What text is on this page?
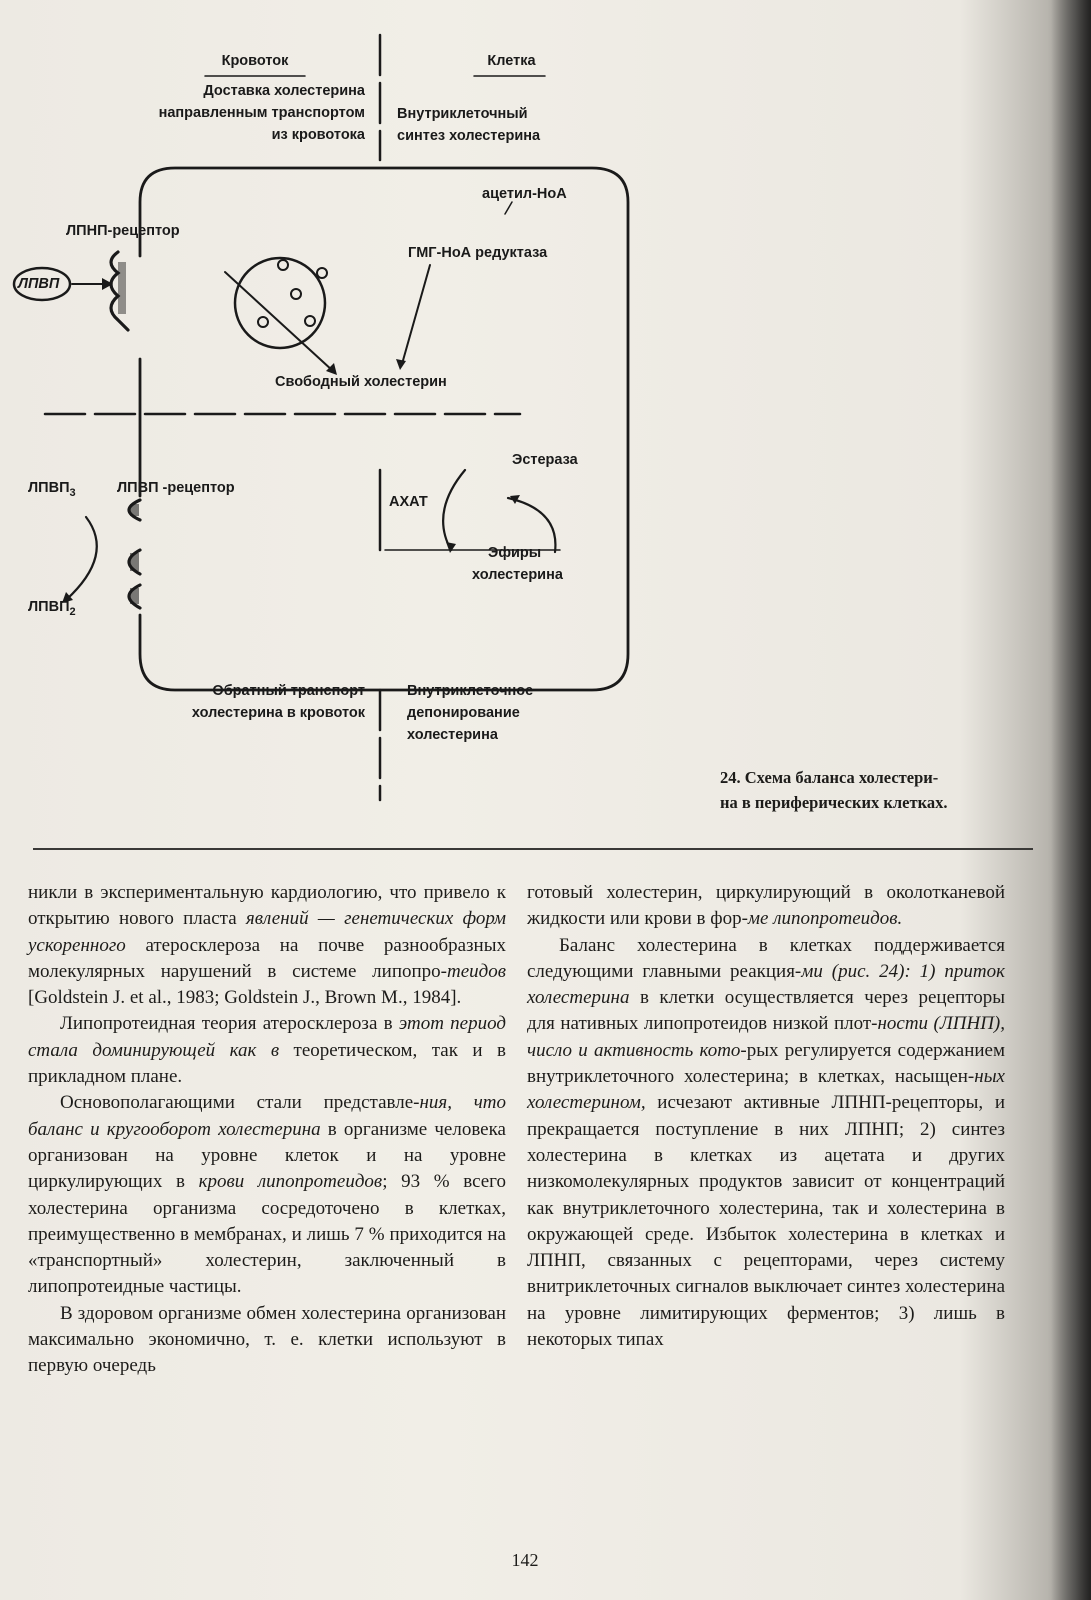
Кровоток	Клетка
Доставка холестерина
направленным транспортом
из кровотока
Внутриклеточный
синтез холестерина
ацетил-НоА
ЛПНП-рецептор
ГМГ-НоА редуктаза
ЛПВП
Свободный холестерин
Эстераза
$ЛПВП_3$	ЛПВП -рецептор
АХАТ
Эфиры
холестерина
$ЛПВП_2$
Обратный транспорт
холестерина в кровоток
Внутриклеточное
депонирование
холестерина
24. Схема баланса холестери-
на в периферических клетках.

никли в экспериментальную кардиологию, что привело к открытию нового пласта явлений — генетических форм ускоренного атеросклероза на почве разнообразных молекулярных нарушений в системе липопро-теидов [Goldstein J. et al., 1983; Goldstein J., Brown M., 1984].

Липопротеидная теория атеросклероза в этот период стала доминирующей как в теоретическом, так и в прикладном плане.

Основополагающими стали представле-ния, что баланс и кругооборот холестерина в организме человека организован на уровне клеток и на уровне циркулирующих в крови липопротеидов; 93 % всего холестерина организма сосредоточено в клетках, преимущественно в мембранах, и лишь 7 % приходится на «транспортный» холестерин, заключенный в липопротеидные частицы.

В здоровом организме обмен холестерина организован максимально экономично, т. е. клетки используют в первую очередь

готовый холестерин, циркулирующий в околотканевой жидкости или крови в фор-ме липопротеидов.

Баланс холестерина в клетках поддерживается следующими главными реакция-ми (рис. 24): 1) приток холестерина в клетки осуществляется через рецепторы для нативных липопротеидов низкой плот-ности (ЛПНП), число и активность кото-рых регулируется содержанием внутриклеточного холестерина; в клетках, насыщен-ных холестерином, исчезают активные ЛПНП-рецепторы, и прекращается поступление в них ЛПНП; 2) синтез холестерина в клетках из ацетата и других низкомолекулярных продуктов зависит от концентраций как внутриклеточного холестерина, так и холестерина в окружающей среде. Избыток холестерина в клетках и ЛПНП, связанных с рецепторами, через систему внитриклеточных сигналов выключает синтез холестерина на уровне лимитирующих ферментов; 3) лишь в некоторых типах

142
